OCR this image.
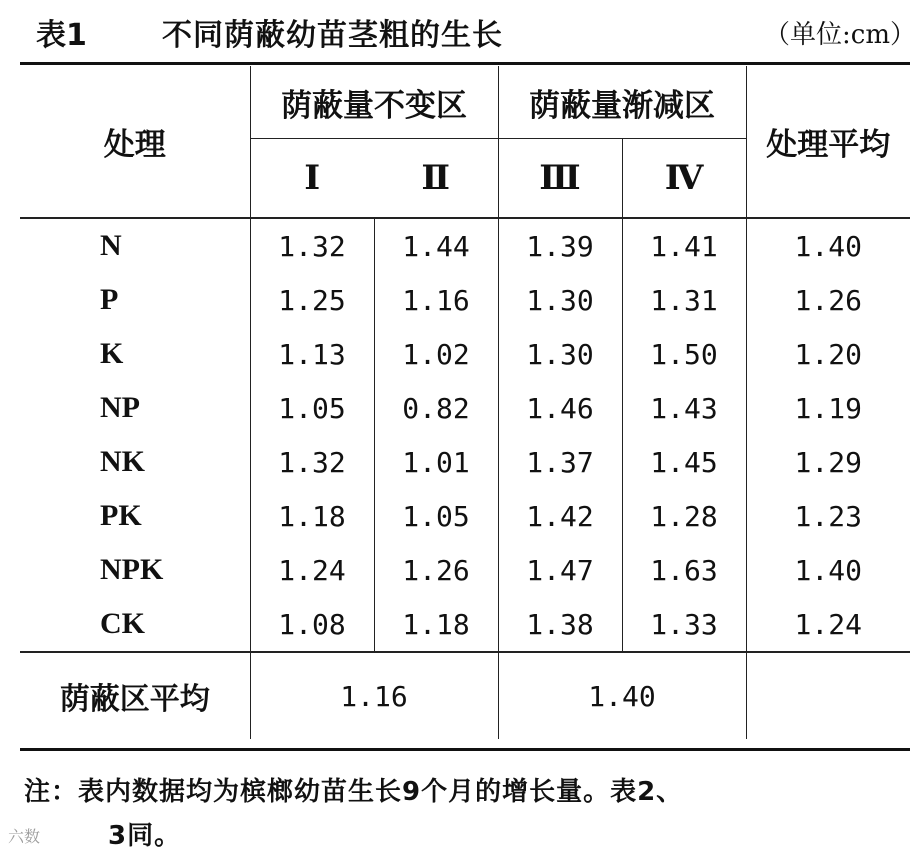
表1	不同荫蔽幼苗茎粗的生长	（单位:cm）
处理	荫蔽量不变区		荫蔽量渐减区		处理平均
	Ⅰ	Ⅱ	Ⅲ	Ⅳ	

N	1.32	1.44	1.39	1.41	1.40
P	1.25	1.16	1.30	1.31	1.26
K	1.13	1.02	1.30	1.50	1.20
NP	1.05	0.82	1.46	1.43	1.19
NK	1.32	1.01	1.37	1.45	1.29
PK	1.18	1.05	1.42	1.28	1.23
NPK	1.24	1.26	1.47	1.63	1.40
CK	1.08	1.18	1.38	1.33	1.24
荫蔽区平均	1.16		1.40		
注：表内数据均为槟榔幼苗生长9个月的增长量。表2、
3同。
六数
